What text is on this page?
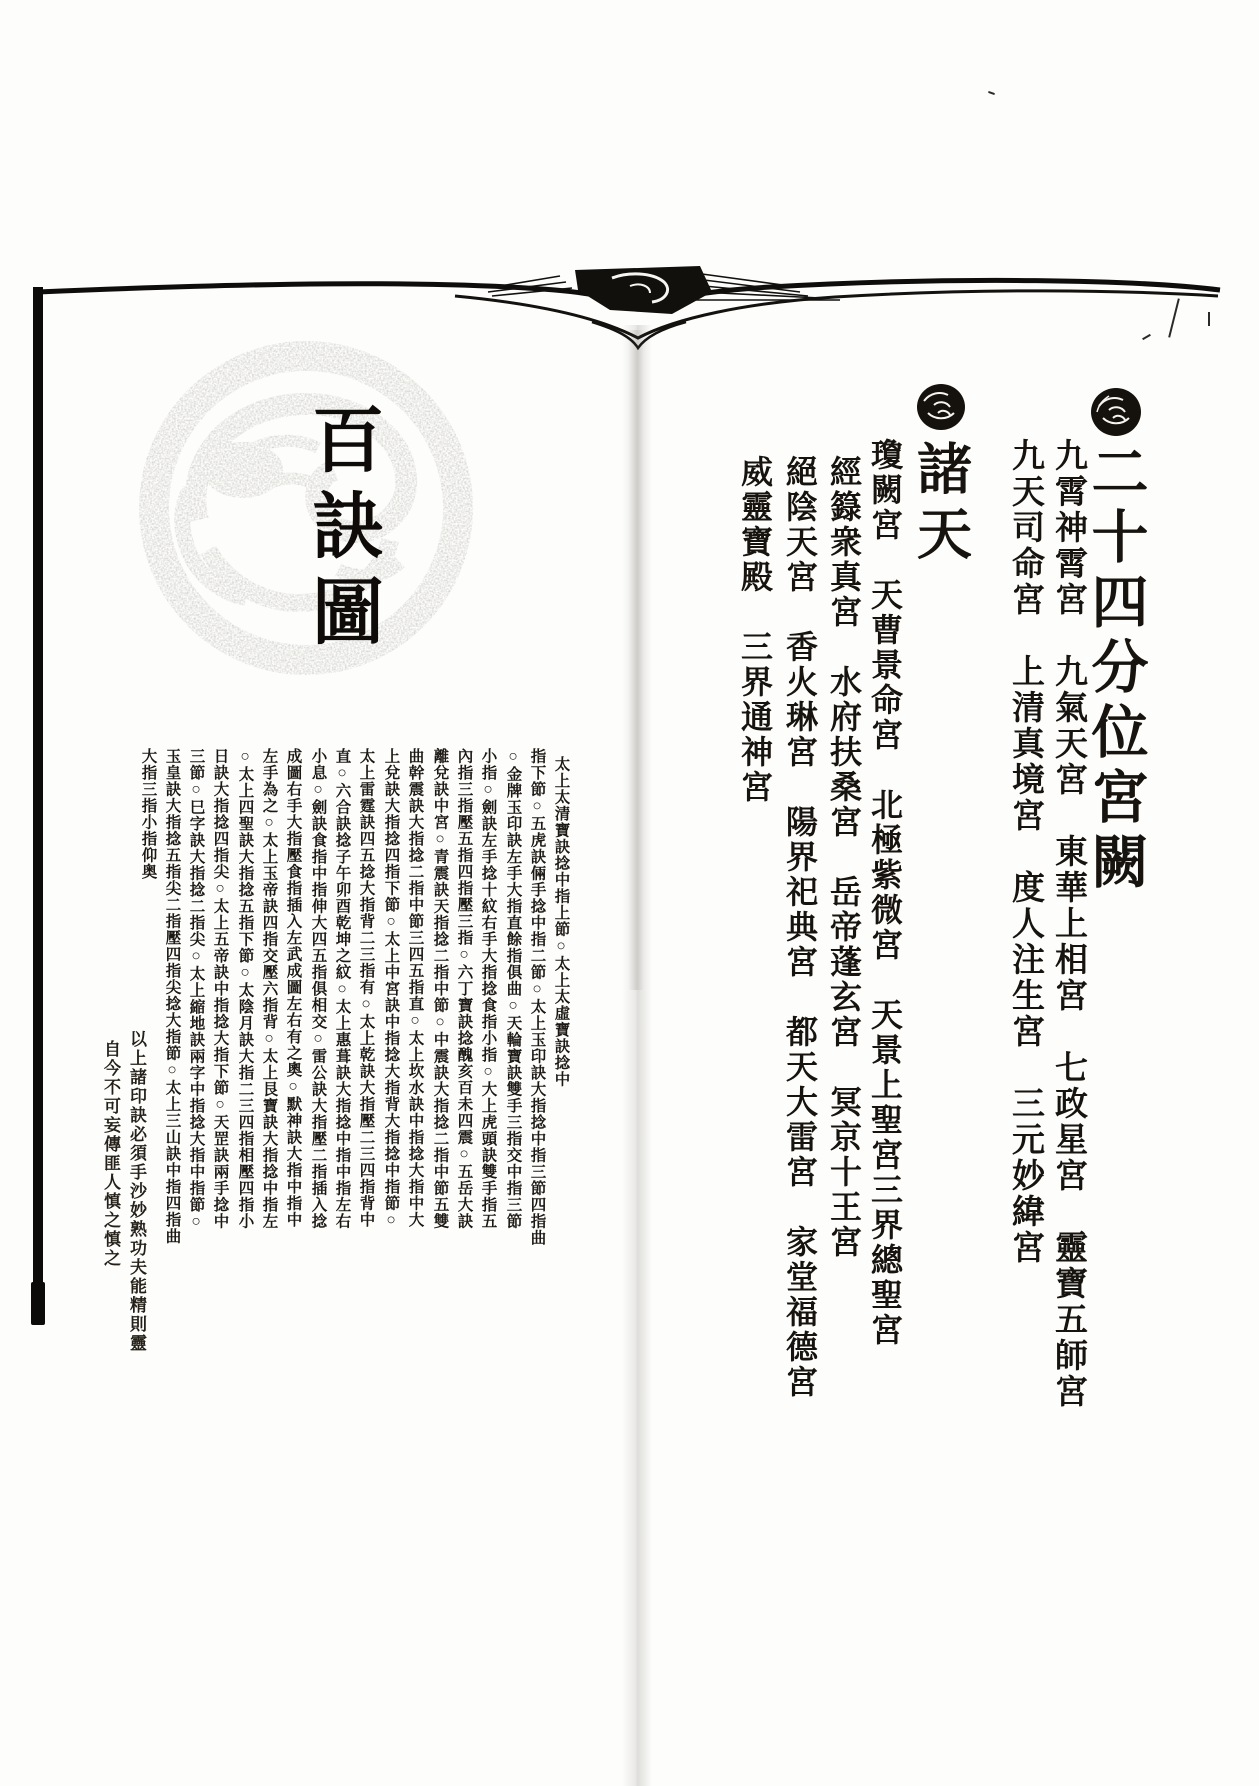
二十四分位宮闕
九霄神霄宮　九氣天宮　東華上相宮　七政星宮　靈寶五師宮
九天司命宮　上清真境宮　度人注生宮　三元妙緯宮
諸天
瓊闕宮　天曹景命宮　北極紫微宮　天景上聖宮三界總聖宮
經籙衆真宮　水府扶桑宮　岳帝蓬玄宮　冥京十王宮
絕陰天宮　香火琳宮　陽界祀典宮　都天大雷宮　家堂福德宮
威靈寶殿　三界通神宮
百訣圖
太上太清寶訣捻中指上節○太上太虛寶訣捻中
指下節○五虎訣倆手捻中指二節○太上玉印訣大指捻中指三節四指曲
○金牌玉印訣左手大指直餘指俱曲○天輪寶訣雙手三指交中指三節
小指○劍訣左手捻十紋右手大指捻食指小指○大上虎頭訣雙手指五
內指三指壓五指四指壓三指○六丁寶訣捻醜亥百未四震○五岳大訣
離兌訣中宮○青震訣天指捻二指中節○中震訣大指捻二指中節五雙
曲幹震訣大指捻二指中節三四五指直○太上坎水訣中指捻大指中大
上兌訣大指捻四指下節○太上中宮訣中指捻大指背大指捻中指節○
太上雷霆訣四五捻大指背二三指有○太上乾訣大指壓二三四指背中
直○六合訣捻子午卯酉乾坤之紋○太上惠葺訣大指捻中指中指左右
小息○劍訣食指中指伸大四五指俱相交○雷公訣大指壓二指插入捻
成圖右手大指壓食指插入左武成圖左右有之奧○默神訣大指中指中
左手為之○太上玉帝訣四指交壓六指背○太上艮寶訣大指捻中指左
○太上四聖訣大指捻五指下節○太陰月訣大指二三四指相壓四指小
日訣大指捻四指尖○太上五帝訣中指捻大指下節○天罡訣兩手捻中
三節○巳字訣大指捻二指尖○太上縮地訣兩字中指捻大指中指節○
玉皇訣大指捻五指尖二指壓四指尖捻大指節○太上三山訣中指四指曲
大指三指小指仰奥
以上諸印訣必須手沙妙熟功夫能精則靈
自今不可妄傳匪人慎之慎之
